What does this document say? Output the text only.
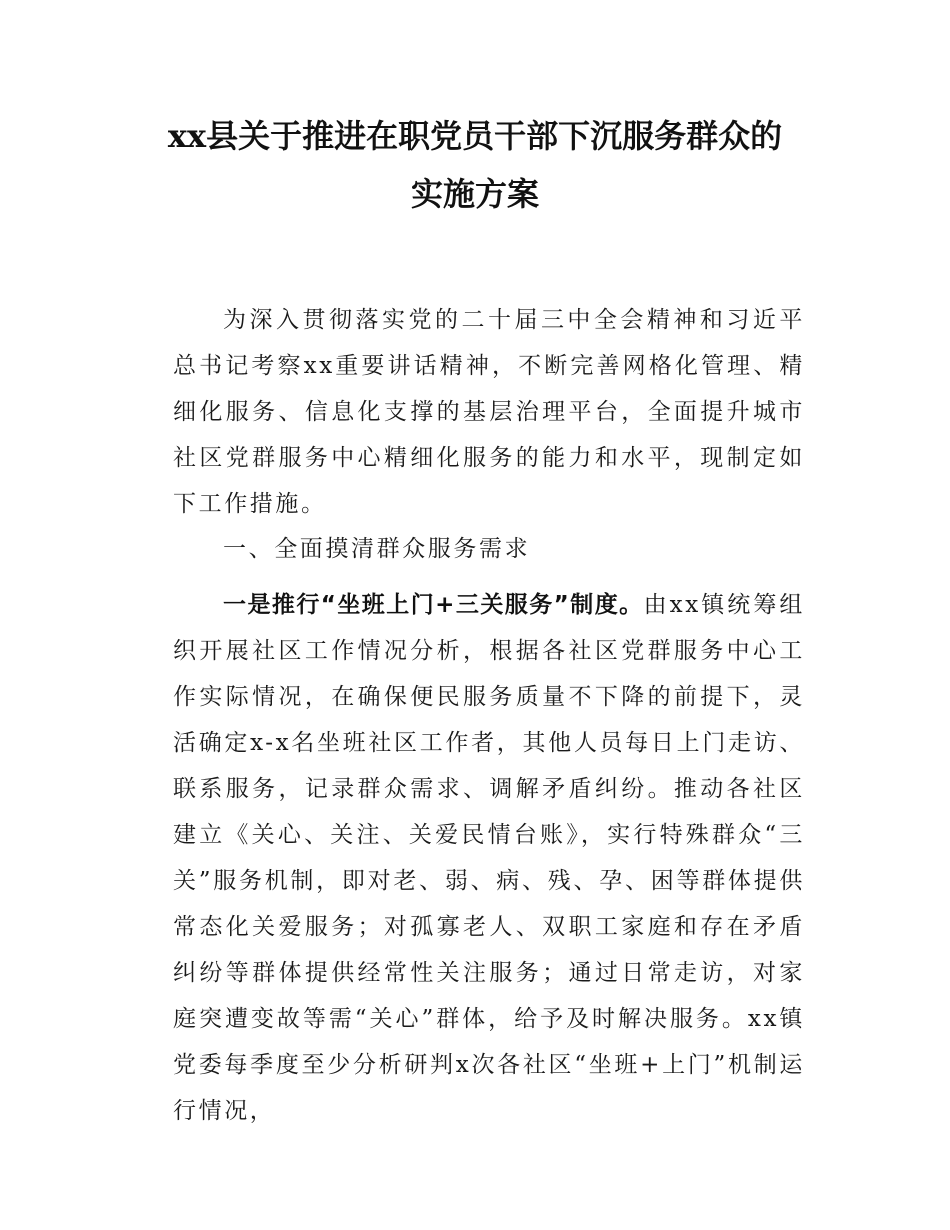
xx县关于推进在职党员干部下沉服务群众的
实施方案

为深入贯彻落实党的二十届三中全会精神和习近平总书记考察xx重要讲话精神，不断完善网格化管理、精细化服务、信息化支撑的基层治理平台，全面提升城市社区党群服务中心精细化服务的能力和水平，现制定如下工作措施。

一、全面摸清群众服务需求

一是推行“坐班上门+三关服务”制度。由xx镇统筹组织开展社区工作情况分析，根据各社区党群服务中心工作实际情况，在确保便民服务质量不下降的前提下，灵活确定x-x名坐班社区工作者，其他人员每日上门走访、联系服务，记录群众需求、调解矛盾纠纷。推动各社区建立《关心、关注、关爱民情台账》，实行特殊群众“三关”服务机制，即对老、弱、病、残、孕、困等群体提供常态化关爱服务；对孤寡老人、双职工家庭和存在矛盾纠纷等群体提供经常性关注服务；通过日常走访，对家庭突遭变故等需“关心”群体，给予及时解决服务。xx镇党委每季度至少分析研判x次各社区“坐班+上门”机制运行情况，
